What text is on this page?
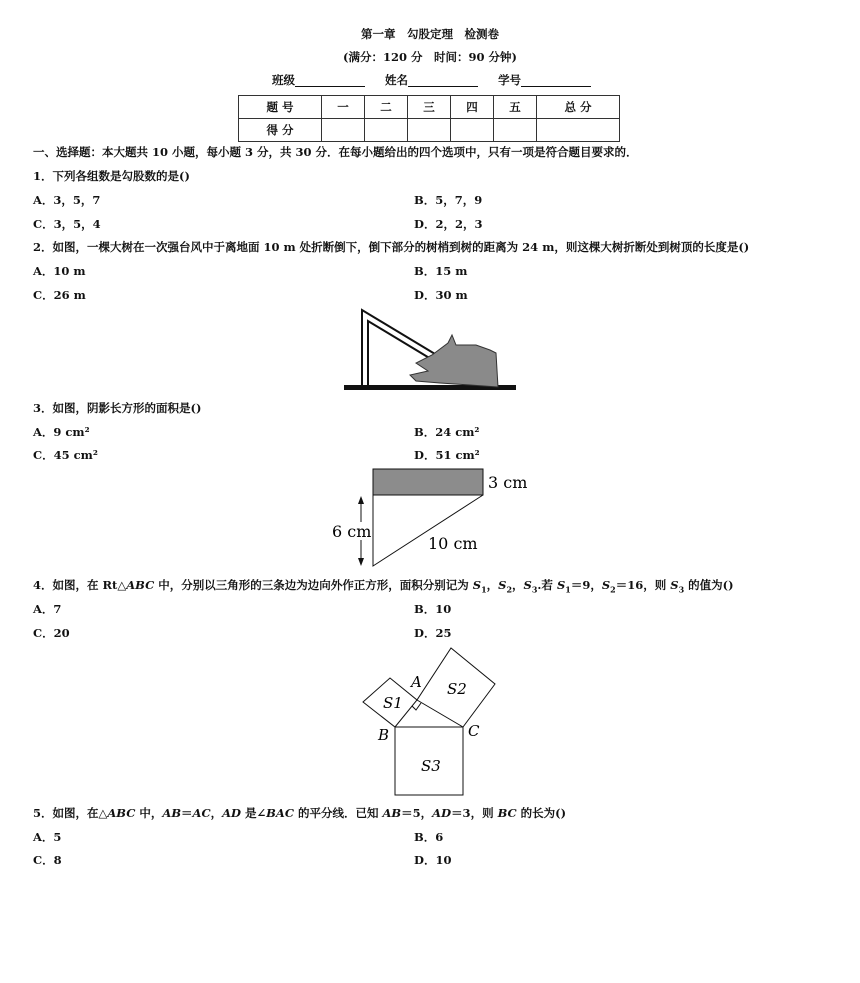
第一章　勾股定理　检测卷
(满分：120 分　时间：90 分钟)
班级	姓名	学号
题 号	一	二	三	四	五	总 分
得 分						
一、选择题：本大题共 10 小题，每小题 3 分，共 30 分．在每小题给出的四个选项中，只有一项是符合题目要求的．
1．下列各组数是勾股数的是()
A．3，5，7	B．5，7，9
C．3，5，4	D．2，2，3
2．如图，一棵大树在一次强台风中于离地面 10 m 处折断倒下，倒下部分的树梢到树的距离为 24 m，则这棵大树折断处到树顶的长度是()
A．10 m	B．15 m
C．26 m	D．30 m
3．如图，阴影长方形的面积是()
A．9 cm²	B．24 cm²
C．45 cm²	D．51 cm²
6 cm
3 cm
10 cm
4．如图，在 Rt△ABC 中，分别以三角形的三条边为边向外作正方形，面积分别记为 $S_1$，$S_2$，$S_3$.若 $S_1=9$，$S_2=16$，则 $S_3$ 的值为()
A．7	B．10
C．20	D．25
A
B	C
S1
S2
S3
5．如图，在△ABC 中，AB＝AC，AD 是∠BAC 的平分线．已知 AB＝5，AD＝3，则 BC 的长为()
A．5	B．6
C．8	D．10
